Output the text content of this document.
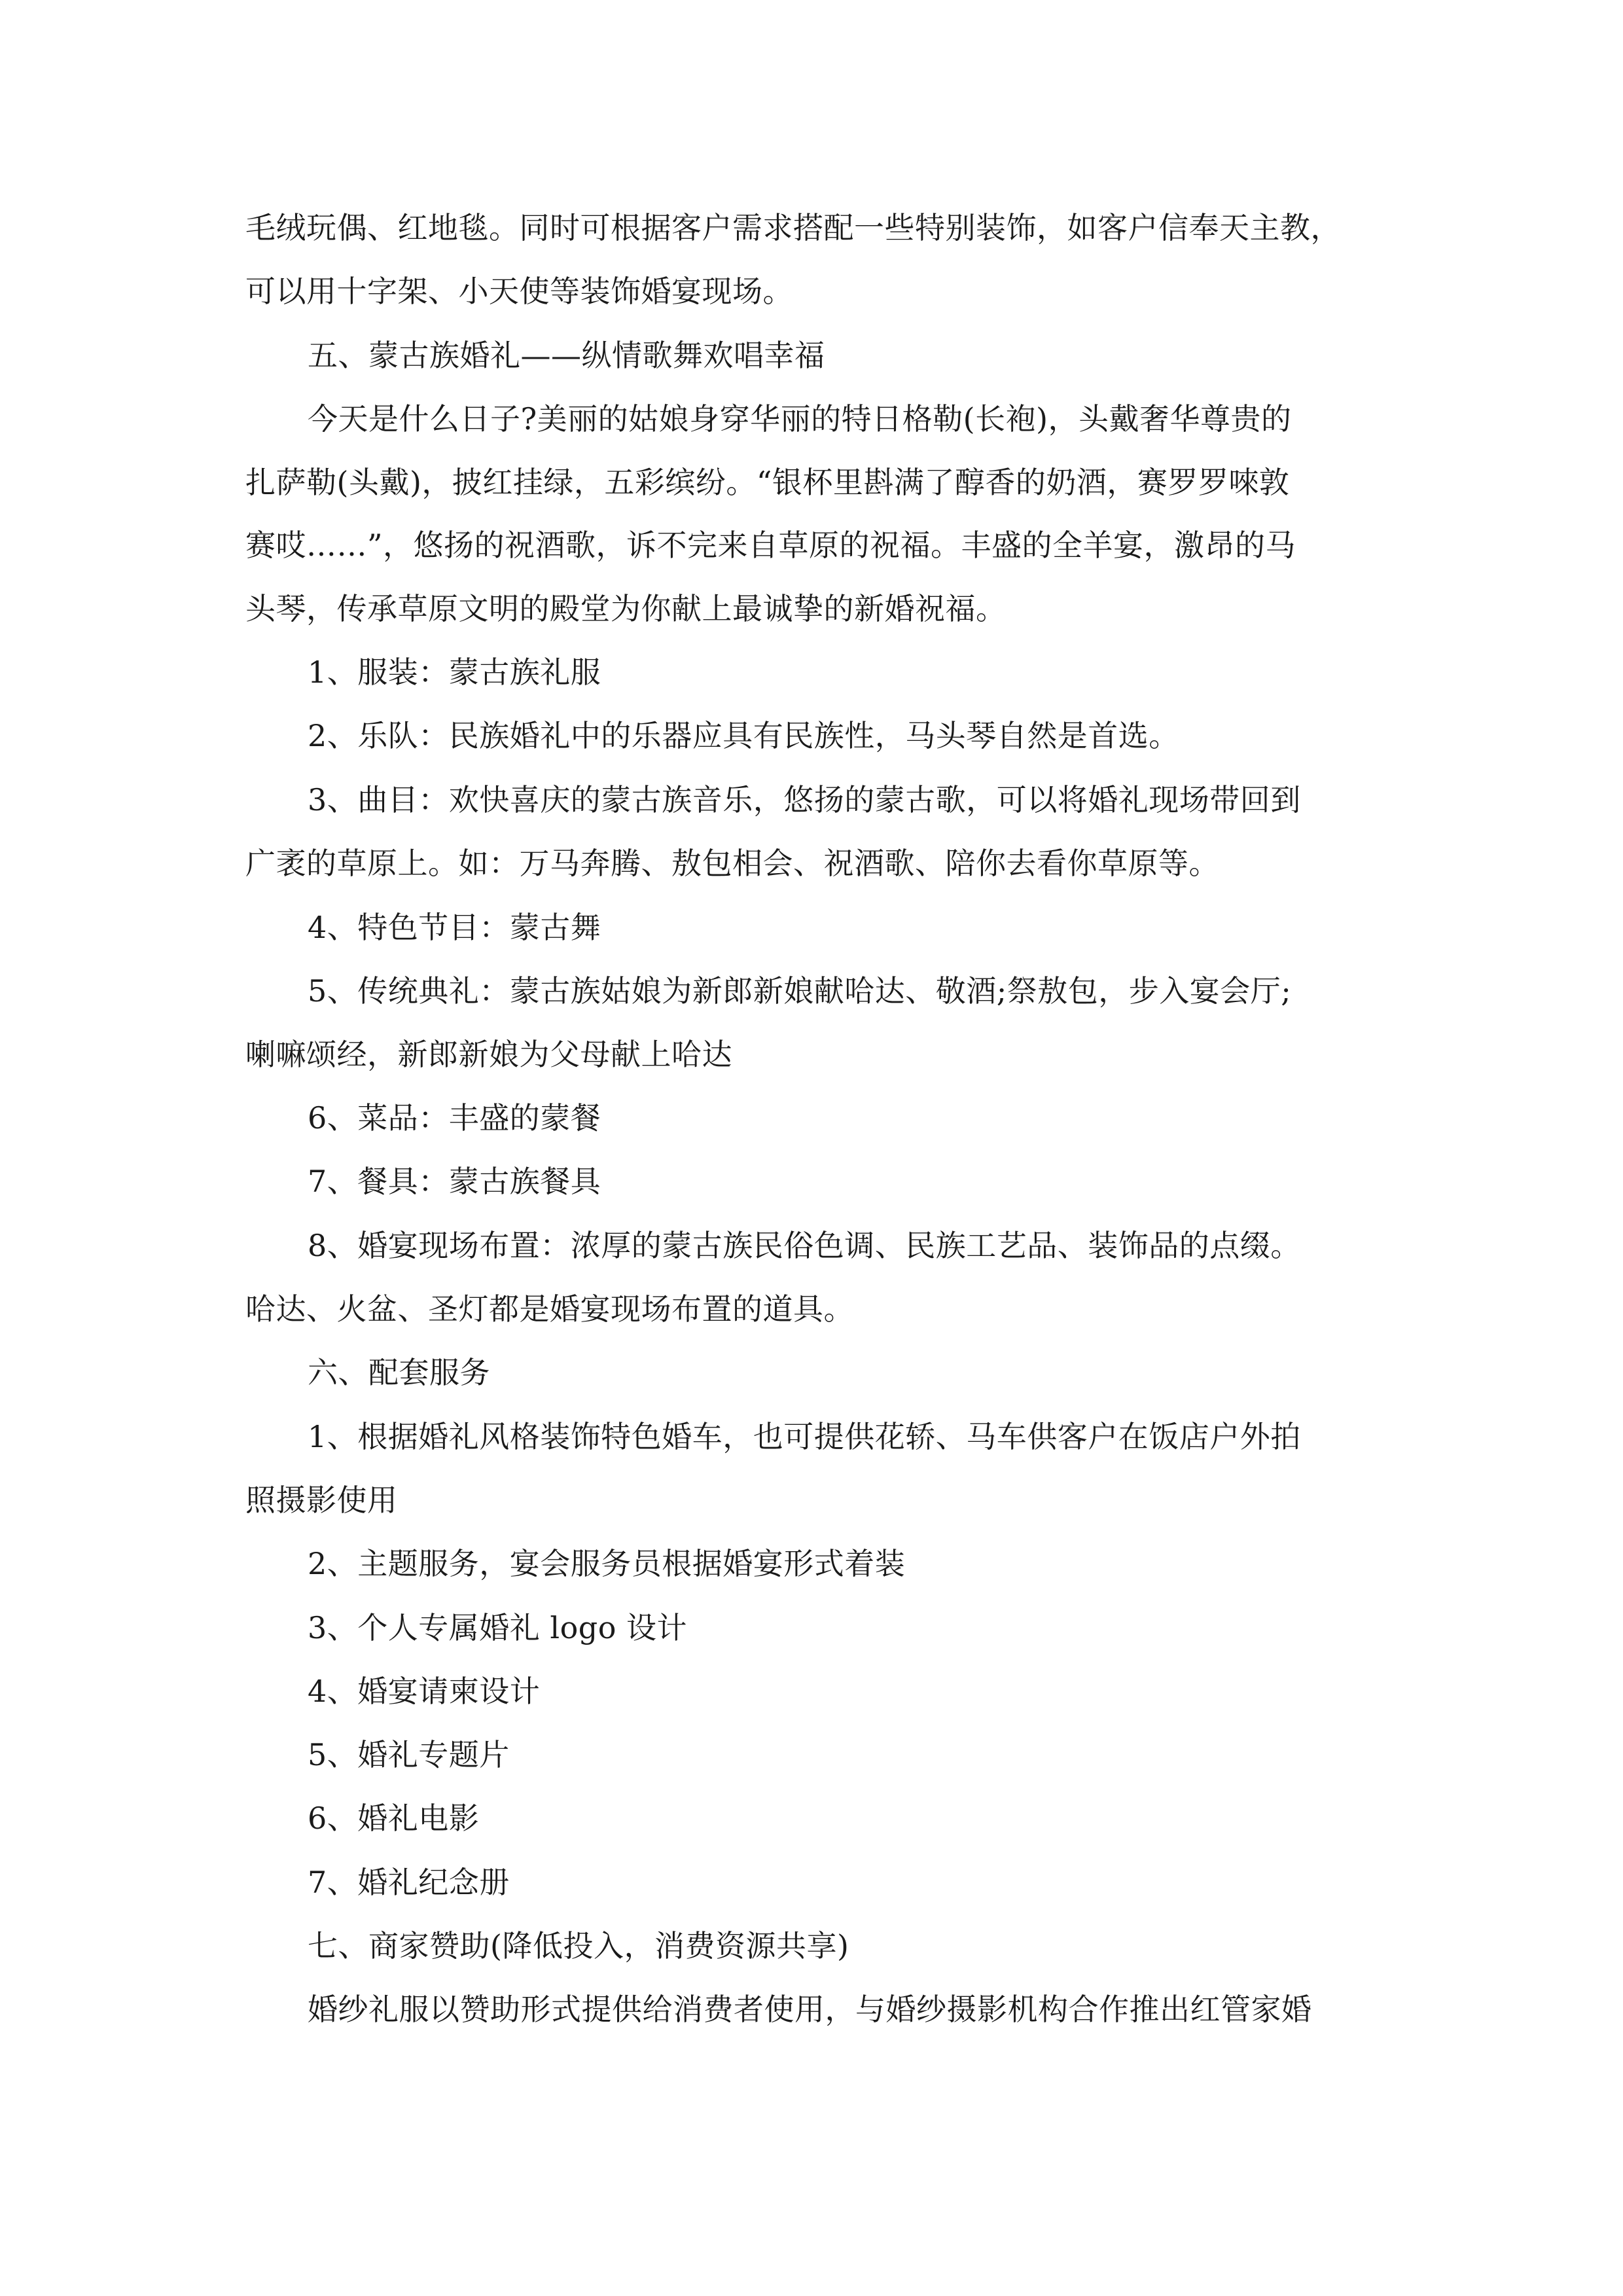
毛绒玩偶、红地毯。同时可根据客户需求搭配一些特别装饰，如客户信奉天主教，

可以用十字架、小天使等装饰婚宴现场。

五、蒙古族婚礼——纵情歌舞欢唱幸福

今天是什么日子?美丽的姑娘身穿华丽的特日格勒(长袍)，头戴奢华尊贵的

扎萨勒(头戴)，披红挂绿，五彩缤纷。“银杯里斟满了醇香的奶酒，赛罗罗唻敦

赛哎……”，悠扬的祝酒歌，诉不完来自草原的祝福。丰盛的全羊宴，激昂的马

头琴，传承草原文明的殿堂为你献上最诚挚的新婚祝福。

1、服装：蒙古族礼服

2、乐队：民族婚礼中的乐器应具有民族性，马头琴自然是首选。

3、曲目：欢快喜庆的蒙古族音乐，悠扬的蒙古歌，可以将婚礼现场带回到

广袤的草原上。如：万马奔腾、敖包相会、祝酒歌、陪你去看你草原等。

4、特色节目：蒙古舞

5、传统典礼：蒙古族姑娘为新郎新娘献哈达、敬酒;祭敖包，步入宴会厅;

喇嘛颂经，新郎新娘为父母献上哈达

6、菜品：丰盛的蒙餐

7、餐具：蒙古族餐具

8、婚宴现场布置：浓厚的蒙古族民俗色调、民族工艺品、装饰品的点缀。

哈达、火盆、圣灯都是婚宴现场布置的道具。

六、配套服务

1、根据婚礼风格装饰特色婚车，也可提供花轿、马车供客户在饭店户外拍

照摄影使用

2、主题服务，宴会服务员根据婚宴形式着装

3、个人专属婚礼 logo 设计

4、婚宴请柬设计

5、婚礼专题片

6、婚礼电影

7、婚礼纪念册

七、商家赞助(降低投入，消费资源共享)

婚纱礼服以赞助形式提供给消费者使用，与婚纱摄影机构合作推出红管家婚
